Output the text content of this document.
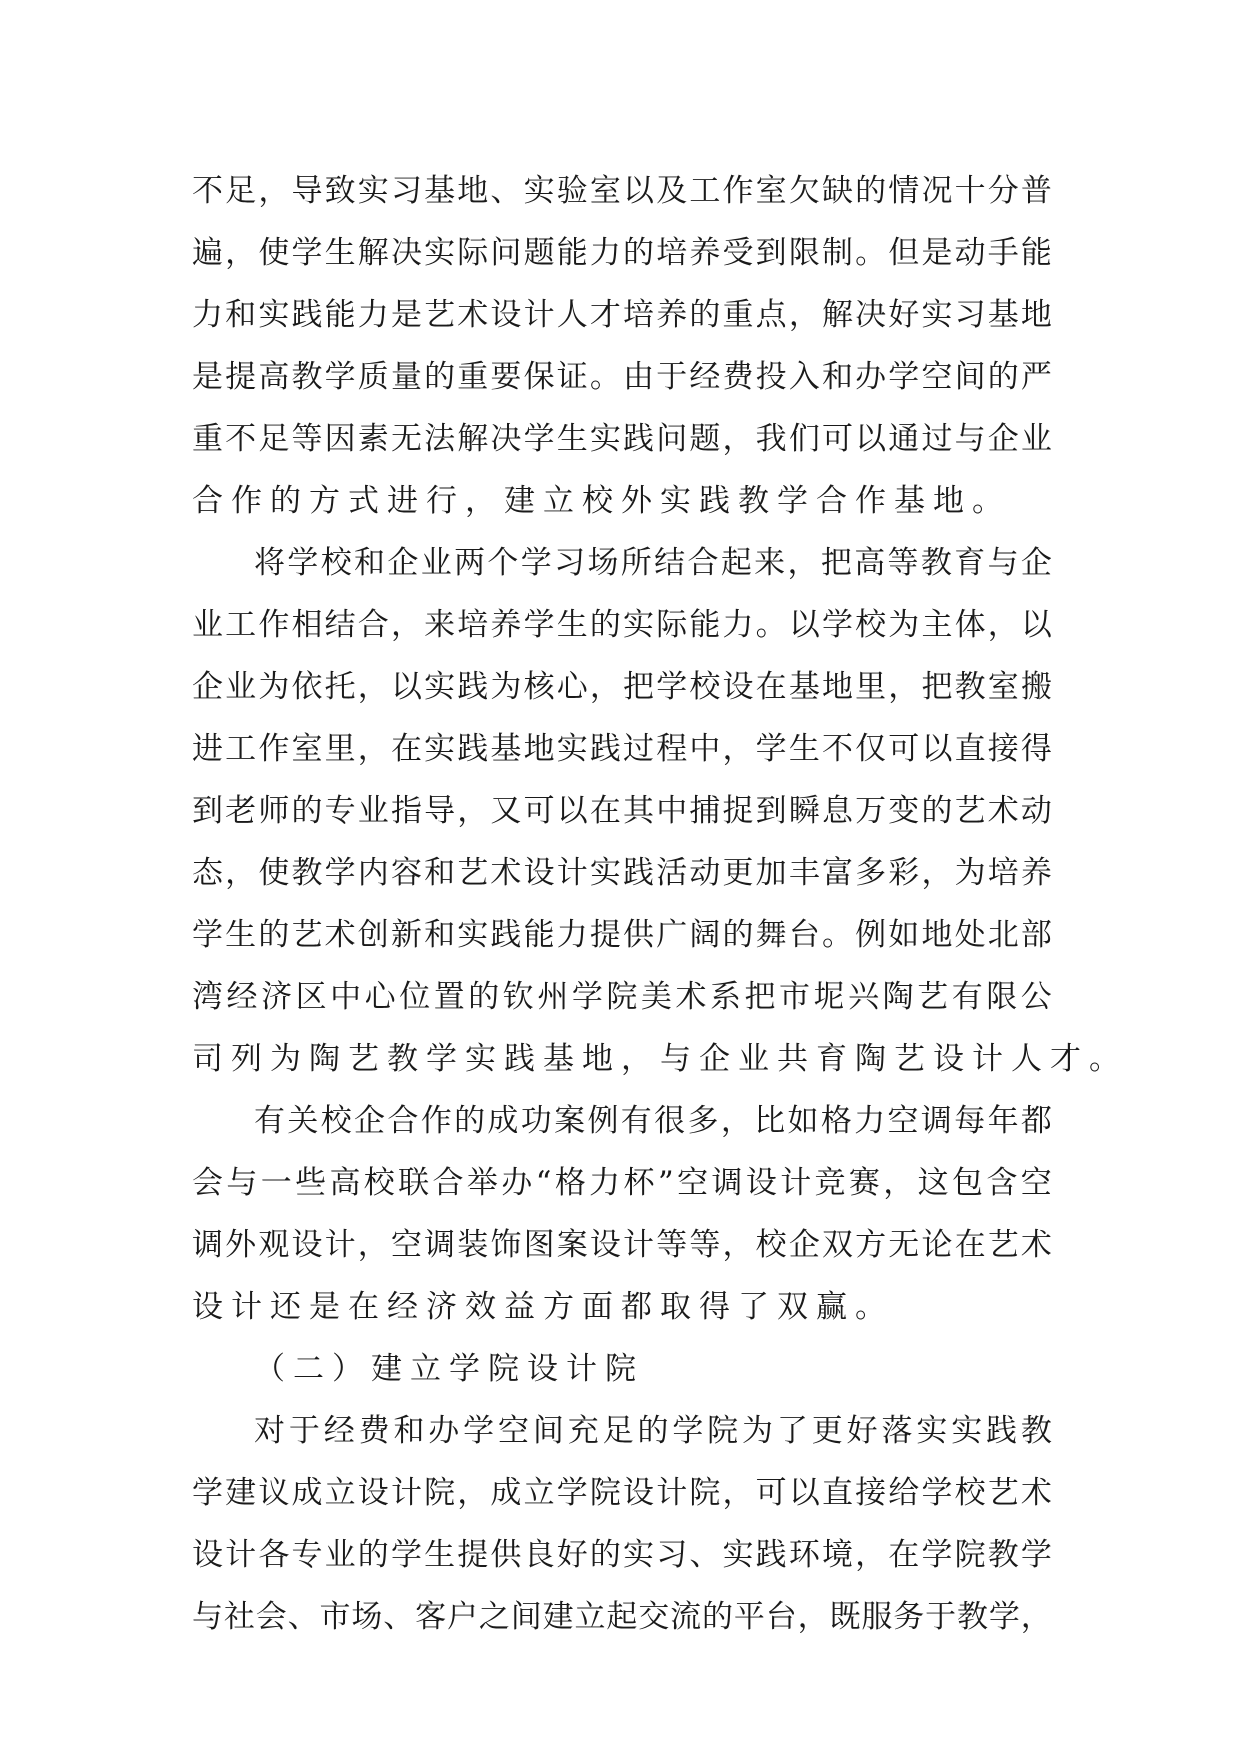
不 足 ， 导 致 实 习 基 地 、 实 验 室 以 及 工 作 室 欠 缺 的 情 况 十 分 普
遍 ， 使 学 生 解 决 实 际 问 题 能 力 的 培 养 受 到 限 制 。 但 是 动 手 能
力 和 实 践 能 力 是 艺 术 设 计 人 才 培 养 的 重 点 ， 解 决 好 实 习 基 地
是 提 高 教 学 质 量 的 重 要 保 证 。 由 于 经 费 投 入 和 办 学 空 间 的 严
重 不 足 等 因 素 无 法 解 决 学 生 实 践 问 题 ， 我 们 可 以 通 过 与 企 业
合作的方式进行，建立校外实践教学合作基地。
将 学 校 和 企 业 两 个 学 习 场 所 结 合 起 来 ， 把 高 等 教 育 与 企
业 工 作 相 结 合 ， 来 培 养 学 生 的 实 际 能 力 。 以 学 校 为 主 体 ， 以
企 业 为 依 托 ， 以 实 践 为 核 心 ， 把 学 校 设 在 基 地 里 ， 把 教 室 搬
进 工 作 室 里 ， 在 实 践 基 地 实 践 过 程 中 ， 学 生 不 仅 可 以 直 接 得
到 老 师 的 专 业 指 导 ， 又 可 以 在 其 中 捕 捉 到 瞬 息 万 变 的 艺 术 动
态 ， 使 教 学 内 容 和 艺 术 设 计 实 践 活 动 更 加 丰 富 多 彩 ， 为 培 养
学 生 的 艺 术 创 新 和 实 践 能 力 提 供 广 阔 的 舞 台 。 例 如 地 处 北 部
湾 经 济 区 中 心 位 置 的 钦 州 学 院 美 术 系 把 市 坭 兴 陶 艺 有 限 公
司列为陶艺教学实践基地，与企业共育陶艺设计人才。
有 关 校 企 合 作 的 成 功 案 例 有 很 多 ， 比 如 格 力 空 调 每 年 都
会 与 一 些 高 校 联 合 举 办 “ 格 力 杯 ” 空 调 设 计 竞 赛 ， 这 包 含 空
调 外 观 设 计 ， 空 调 装 饰 图 案 设 计 等 等 ， 校 企 双 方 无 论 在 艺 术
设计还是在经济效益方面都取得了双赢。
（二）建立学院设计院
对 于 经 费 和 办 学 空 间 充 足 的 学 院 为 了 更 好 落 实 实 践 教
学 建 议 成 立 设 计 院 ， 成 立 学 院 设 计 院 ， 可 以 直 接 给 学 校 艺 术
设 计 各 专 业 的 学 生 提 供 良 好 的 实 习 、 实 践 环 境 ， 在 学 院 教 学
与 社 会 、 市 场 、 客 户 之 间 建 立 起 交 流 的 平 台 ， 既 服 务 于 教 学 ，
